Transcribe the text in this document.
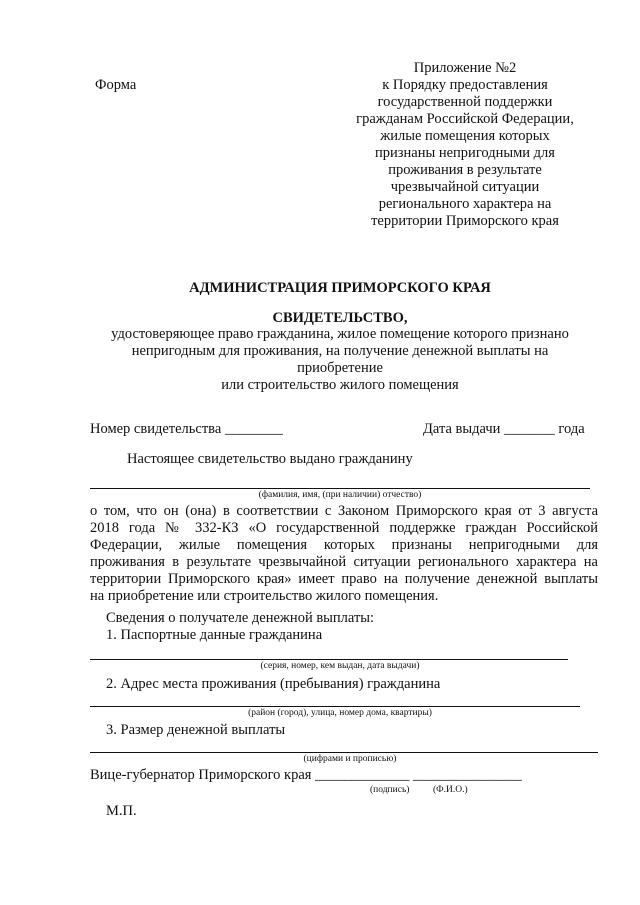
Форма
Приложение №2
к Порядку предоставления
государственной поддержки
гражданам Российской Федерации,
жилые помещения которых
признаны непригодными для
проживания в результате
чрезвычайной ситуации
регионального характера на
территории Приморского края
АДМИНИСТРАЦИЯ ПРИМОРСКОГО КРАЯ
СВИДЕТЕЛЬСТВО,
удостоверяющее право гражданина, жилое помещение которого признано
непригодным для проживания, на получение денежной выплаты на
приобретение
или строительство жилого помещения
Номер свидетельства ________	Дата выдачи _______ года
Настоящее свидетельство выдано гражданину
(фамилия, имя, (при наличии) отчество)
о том, что он (она) в соответствии с Законом Приморского края от 3 августа
2018 года № 332-КЗ «О государственной поддержке граждан Российской
Федерации, жилые помещения которых признаны непригодными для
проживания в результате чрезвычайной ситуации регионального характера на
территории Приморского края» имеет право на получение денежной выплаты
на приобретение или строительство жилого помещения.
Сведения о получателе денежной выплаты:
1. Паспортные данные гражданина
(серия, номер, кем выдан, дата выдачи)
2. Адрес места проживания (пребывания) гражданина
(район (город), улица, номер дома, квартиры)
3. Размер денежной выплаты
(цифрами и прописью)
Вице-губернатор Приморского края _____________ _______________
(подпись) (Ф.И.О.)
М.П.
